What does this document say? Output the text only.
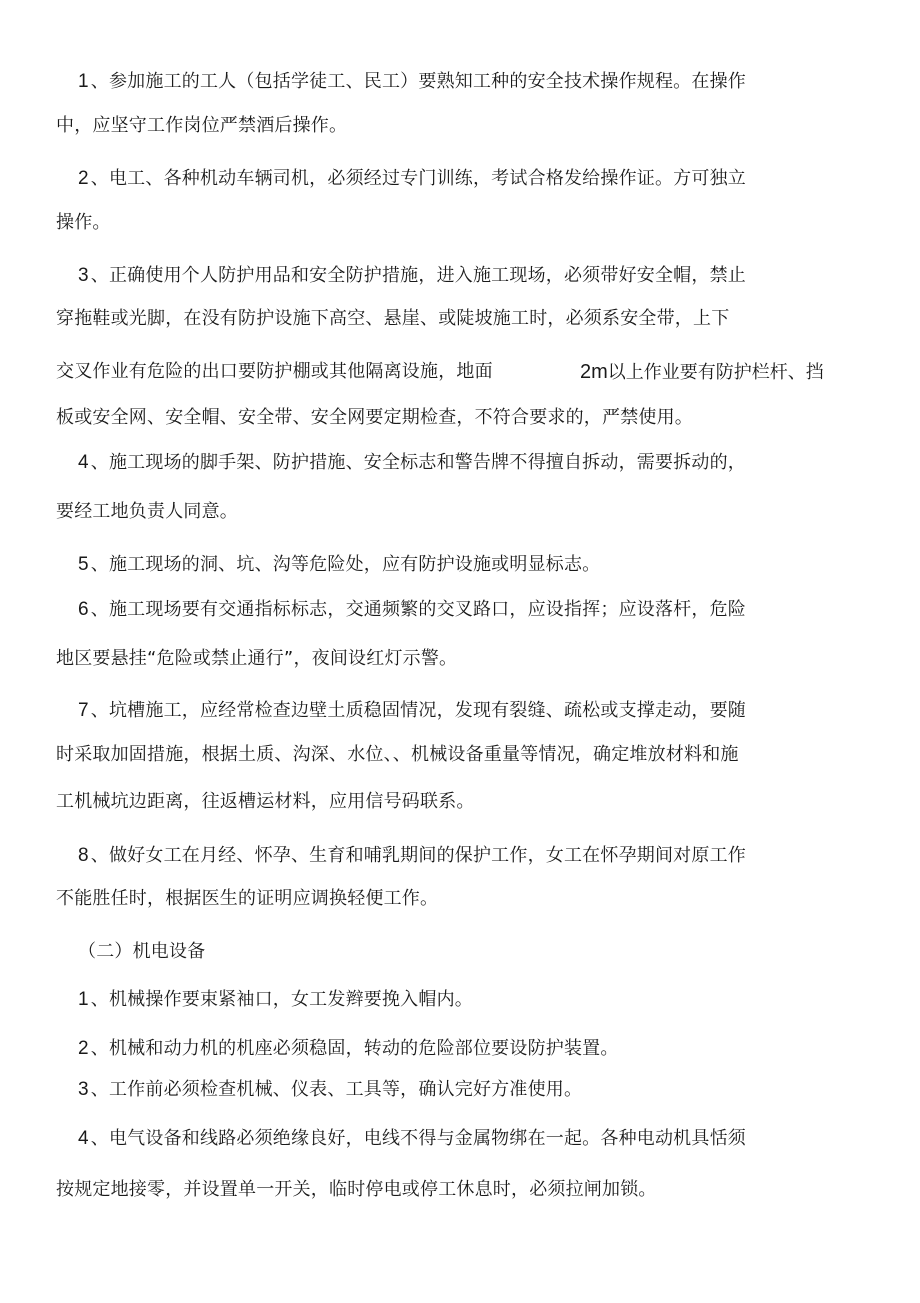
1 、参加施工的工人（包括学徒工、民工）要熟知工种的安全技术操作规程。在操作
中，应坚守工作岗位严禁酒后操作。
2 、电工、各种机动车辆司机，必须经过专门训练，考试合格发给操作证。方可独立
操作。
3 、正确使用个人防护用品和安全防护措施，进入施工现场，必须带好安全帽，禁止
穿拖鞋或光脚，在没有防护设施下高空、悬崖、或陡坡施工时，必须系安全带，上下
交叉作业有危险的出口要防护棚或其他隔离设施，地面	2m以上作业要有防护栏杆、挡
板或安全网、安全帽、安全带、安全网要定期检查，不符合要求的，严禁使用。
4 、施工现场的脚手架、防护措施、安全标志和警告牌不得擅自拆动，需要拆动的，
要经工地负责人同意。
5 、施工现场的洞、坑、沟等危险处，应有防护设施或明显标志。
6 、施工现场要有交通指标标志，交通频繁的交叉路口，应设指挥；应设落杆，危险
地区要悬挂“危险或禁止通行”，夜间设红灯示警。
7 、坑槽施工，应经常检查边壁土质稳固情况，发现有裂缝、疏松或支撑走动，要随
时采取加固措施，根据土质、沟深、水位、、机械设备重量等情况，确定堆放材料和施
工机械坑边距离，往返槽运材料，应用信号码联系。
8 、做好女工在月经、怀孕、生育和哺乳期间的保护工作，女工在怀孕期间对原工作
不能胜任时，根据医生的证明应调换轻便工作。
（二）机电设备
1 、机械操作要束紧袖口，女工发辫要挽入帽内。
2 、机械和动力机的机座必须稳固，转动的危险部位要设防护装置。
3 、工作前必须检查机械、仪表、工具等，确认完好方准使用。
4 、电气设备和线路必须绝缘良好，电线不得与金属物绑在一起。各种电动机具恬须
按规定地接零，并设置单一开关，临时停电或停工休息时，必须拉闸加锁。
